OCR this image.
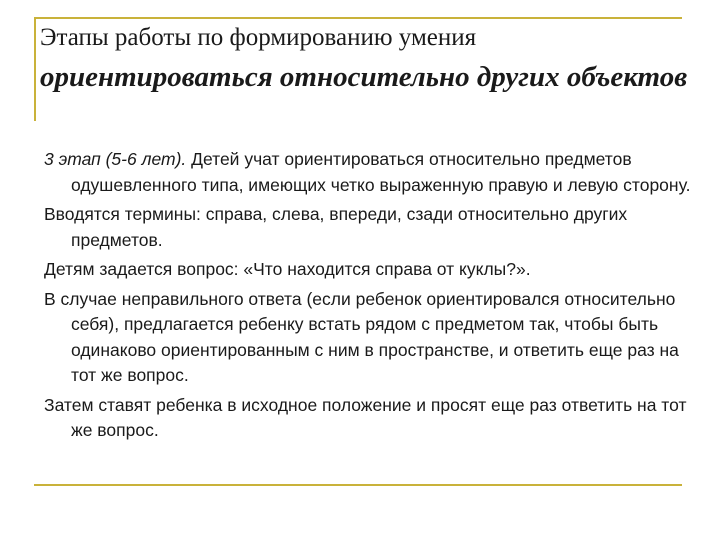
Этапы работы по формированию умения
ориентироваться относительно других объектов

3 этап (5-6 лет). Детей учат ориентироваться относительно предметов одушевленного типа, имеющих четко выраженную правую и левую сторону.

Вводятся термины: справа, слева, впереди, сзади относительно других предметов.

Детям задается вопрос: «Что находится справа от куклы?».

В случае неправильного ответа (если ребенок ориентировался относительно себя), предлагается ребенку встать рядом с предметом так, чтобы быть одинаково ориентированным с ним в пространстве, и ответить еще раз на тот же вопрос.

Затем ставят ребенка в исходное положение и просят еще раз ответить на тот же вопрос.
